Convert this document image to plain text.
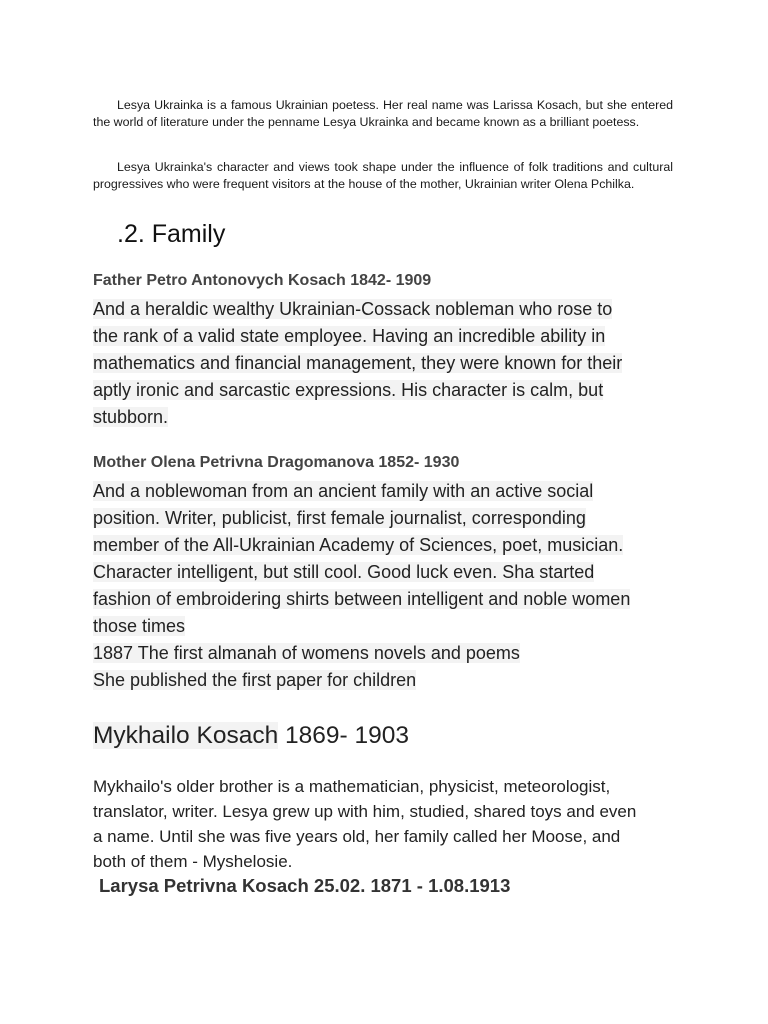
Lesya Ukrainka is a famous Ukrainian poetess. Her real name was Larissa Kosach, but she entered the world of literature under the penname Lesya Ukrainka and became known as a brilliant poetess.

Lesya Ukrainka's character and views took shape under the influence of folk traditions and cultural progressives who were frequent visitors at the house of the mother, Ukrainian writer Olena Pchilka.

.2. Family
Father Petro Antonovych Kosach 1842- 1909
And a heraldic wealthy Ukrainian-Cossack nobleman who rose to
the rank of a valid state employee. Having an incredible ability in
mathematics and financial management, they were known for their
aptly ironic and sarcastic expressions. His character is calm, but
stubborn.
Mother Olena Petrivna Dragomanova 1852- 1930
And a noblewoman from an ancient family with an active social
position. Writer, publicist, first female journalist, corresponding
member of the All-Ukrainian Academy of Sciences, poet, musician.
Character intelligent, but still cool. Good luck even. Sha started
fashion of embroidering shirts between intelligent and noble women
those times
1887 The first almanah of womens novels and poems
She published the first paper for children
Mykhailo Kosach 1869- 1903
Mykhailo's older brother is a mathematician, physicist, meteorologist,
translator, writer. Lesya grew up with him, studied, shared toys and even
a name. Until she was five years old, her family called her Moose, and
both of them - Myshelosie.
Larysa Petrivna Kosach 25.02. 1871 - 1.08.1913
